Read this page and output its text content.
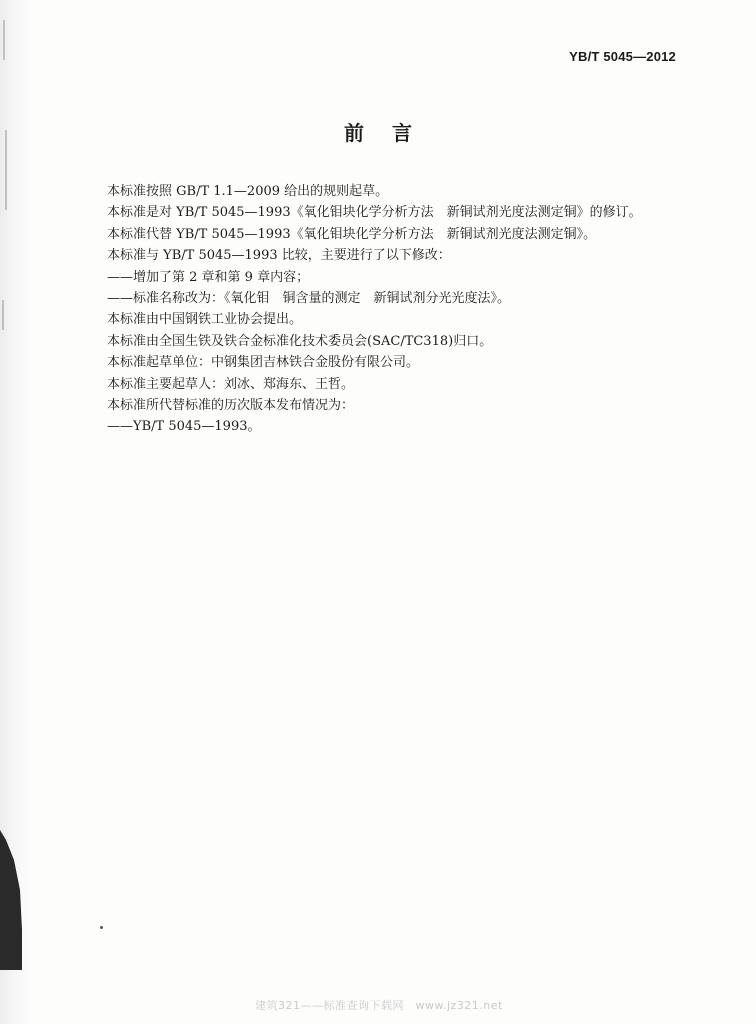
YB/T 5045—2012
前言

本标准按照 GB/T 1.1—2009 给出的规则起草。

本标准是对 YB/T 5045—1993《氧化钼块化学分析方法　新铜试剂光度法测定铜》的修订。

本标准代替 YB/T 5045—1993《氧化钼块化学分析方法　新铜试剂光度法测定铜》。

本标准与 YB/T 5045—1993 比较，主要进行了以下修改：

——增加了第 2 章和第 9 章内容；

——标准名称改为：《氧化钼　铜含量的测定　新铜试剂分光光度法》。

本标准由中国钢铁工业协会提出。

本标准由全国生铁及铁合金标准化技术委员会(SAC/TC318)归口。

本标准起草单位：中钢集团吉林铁合金股份有限公司。

本标准主要起草人：刘冰、郑海东、王哲。

本标准所代替标准的历次版本发布情况为：

——YB/T 5045—1993。

建筑321——标准查询下载网　www.jz321.net
